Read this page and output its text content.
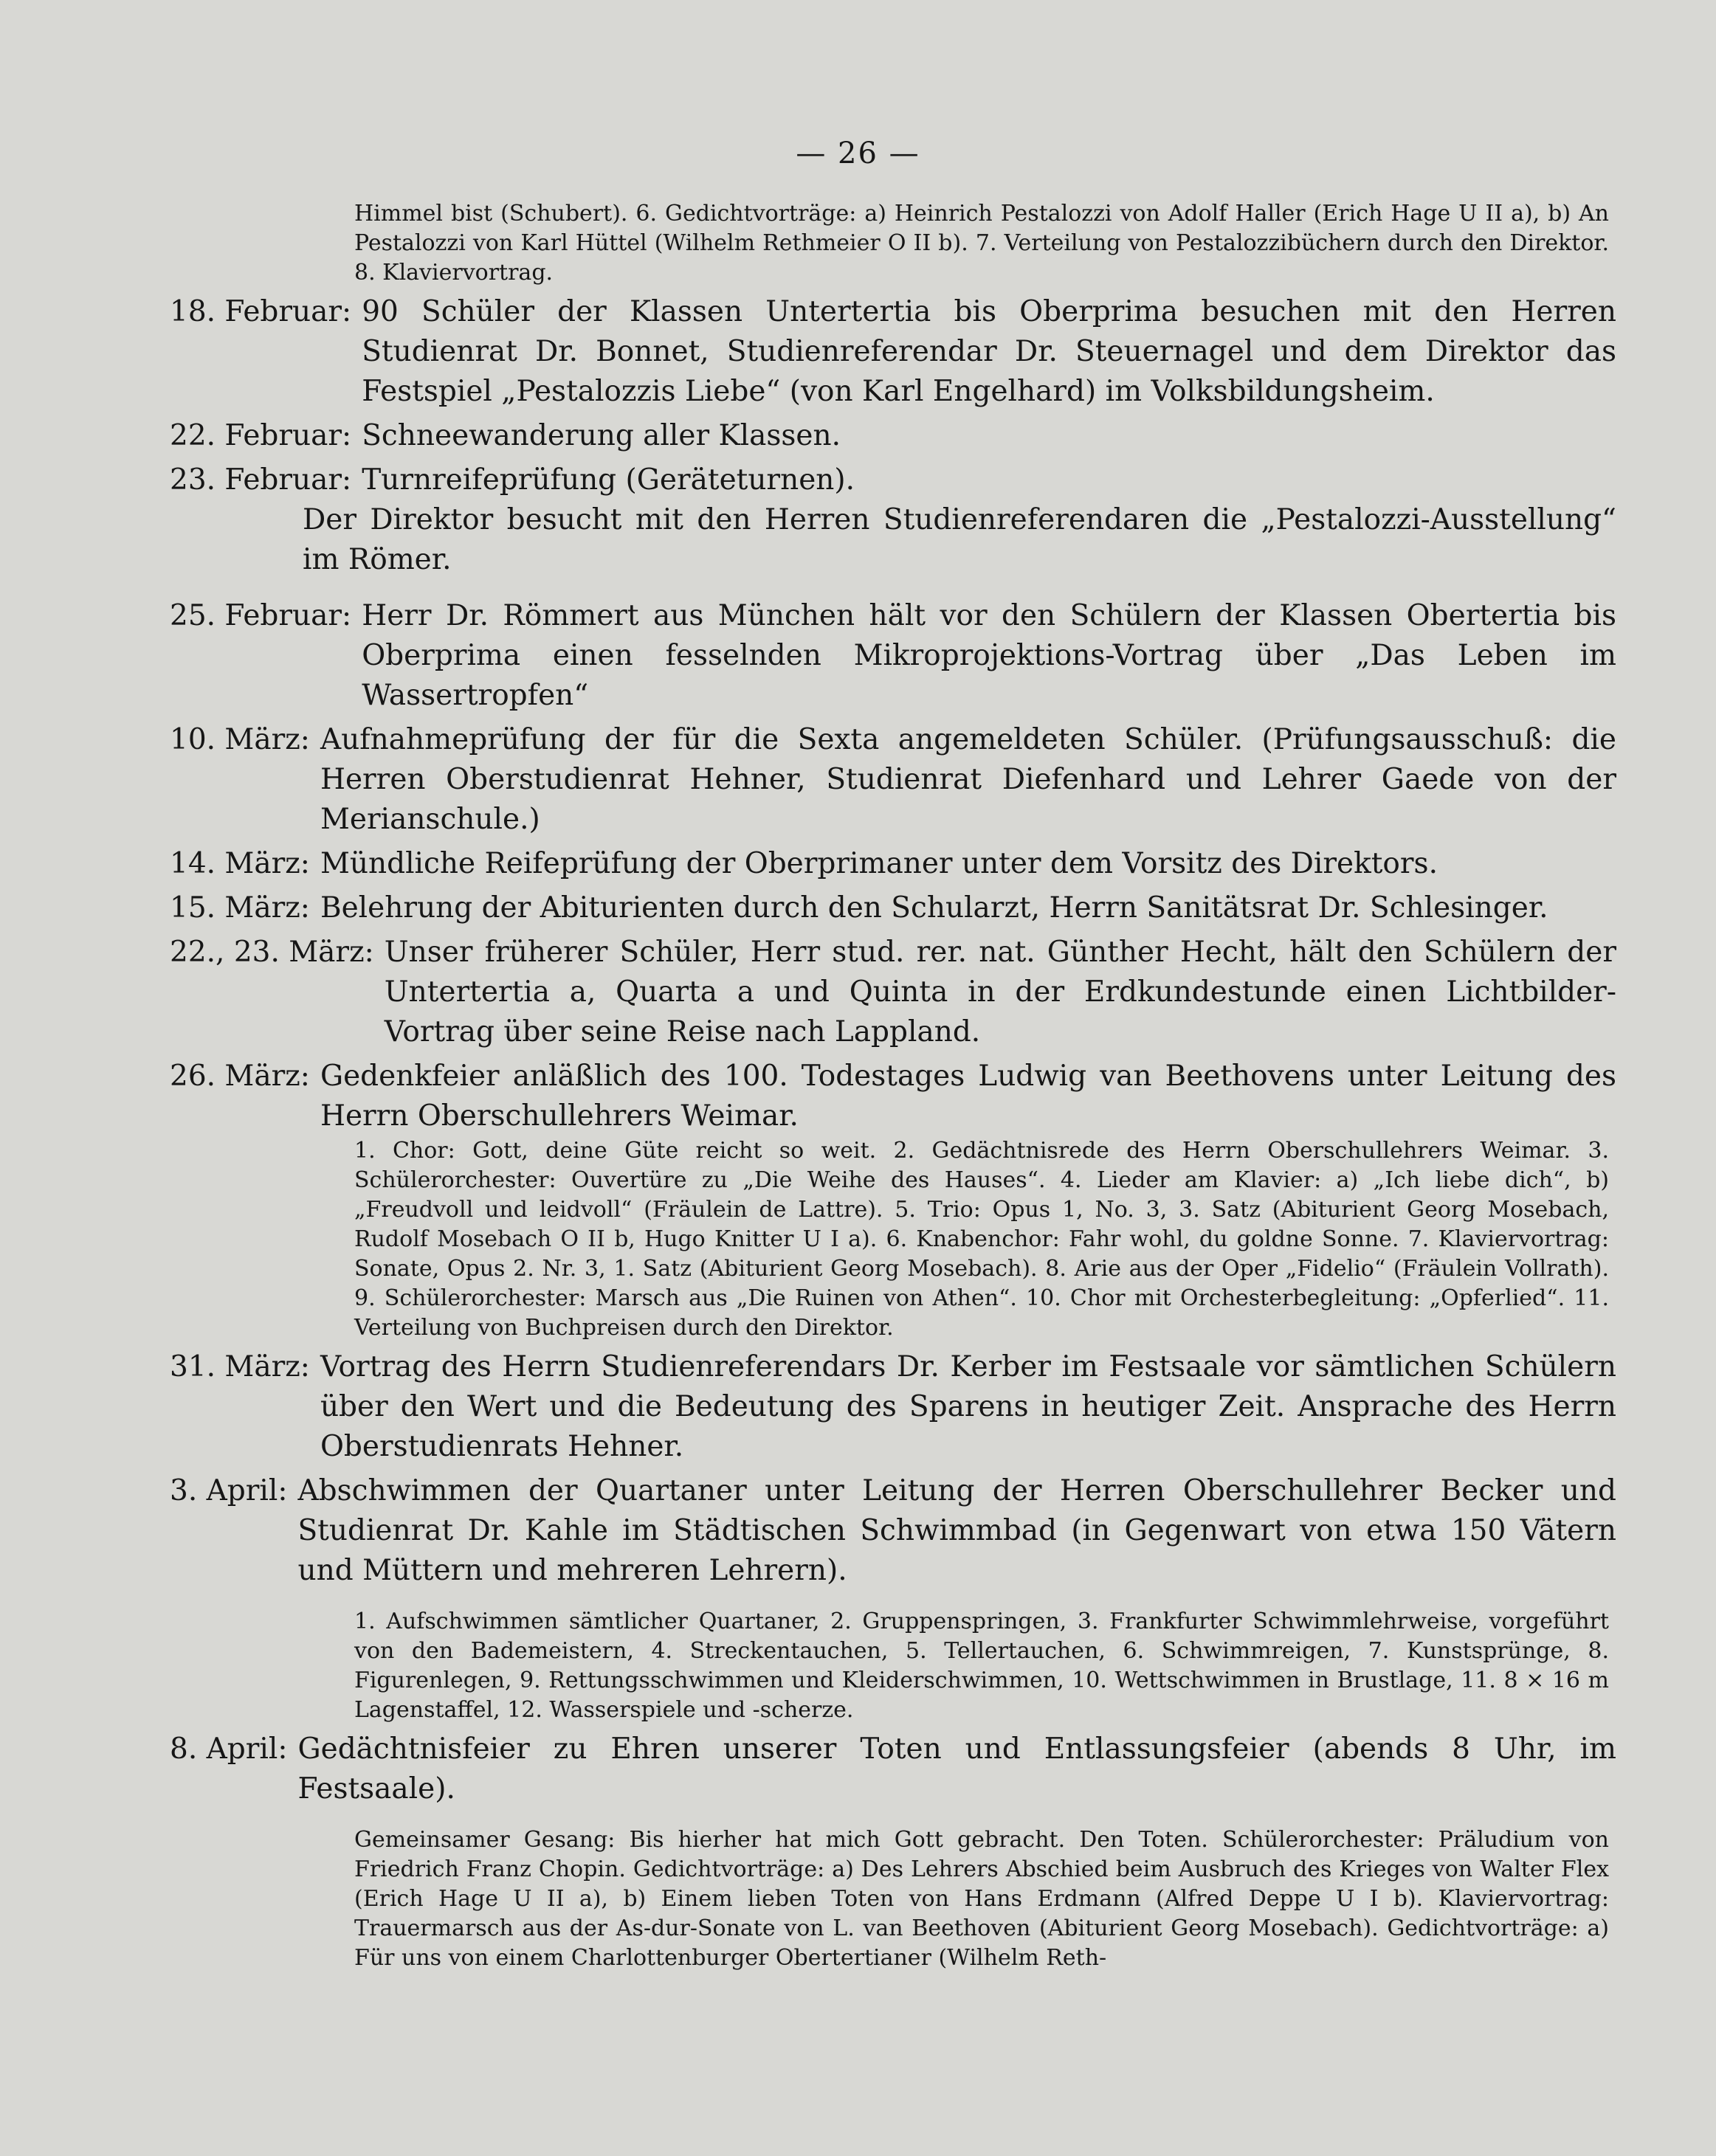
— 26 —

Himmel bist (Schubert). 6. Gedichtvorträge: a) Heinrich Pestalozzi von Adolf Haller (Erich Hage U II a), b) An Pestalozzi von Karl Hüttel (Wilhelm Rethmeier O II b). 7. Verteilung von Pestalozzibüchern durch den Direktor. 8. Klaviervortrag.

18. Februar: 90 Schüler der Klassen Untertertia bis Oberprima besuchen mit den Herren Studienrat Dr. Bonnet, Studienreferendar Dr. Steuernagel und dem Direktor das Festspiel „Pestalozzis Liebe“ (von Karl Engelhard) im Volksbildungsheim.
22. Februar: Schneewanderung aller Klassen.
23. Februar: Turnreifeprüfung (Geräteturnen).
Der Direktor besucht mit den Herren Studienreferendaren die „Pestalozzi-Ausstellung“ im Römer.
25. Februar: Herr Dr. Römmert aus München hält vor den Schülern der Klassen Obertertia bis Oberprima einen fesselnden Mikroprojektions-Vortrag über „Das Leben im Wassertropfen“
10. März: Aufnahmeprüfung der für die Sexta angemeldeten Schüler. (Prüfungsausschuß: die Herren Oberstudienrat Hehner, Studienrat Diefenhard und Lehrer Gaede von der Merianschule.)
14. März: Mündliche Reifeprüfung der Oberprimaner unter dem Vorsitz des Direktors.
15. März: Belehrung der Abiturienten durch den Schularzt, Herrn Sanitätsrat Dr. Schlesinger.
22., 23. März: Unser früherer Schüler, Herr stud. rer. nat. Günther Hecht, hält den Schülern der Untertertia a, Quarta a und Quinta in der Erdkundestunde einen Lichtbilder-Vortrag über seine Reise nach Lappland.
26. März: Gedenkfeier anläßlich des 100. Todestages Ludwig van Beethovens unter Leitung des Herrn Oberschullehrers Weimar.

1. Chor: Gott, deine Güte reicht so weit. 2. Gedächtnisrede des Herrn Oberschullehrers Weimar. 3. Schülerorchester: Ouvertüre zu „Die Weihe des Hauses“. 4. Lieder am Klavier: a) „Ich liebe dich“, b) „Freudvoll und leidvoll“ (Fräulein de Lattre). 5. Trio: Opus 1, No. 3, 3. Satz (Abiturient Georg Mosebach, Rudolf Mosebach O II b, Hugo Knitter U I a). 6. Knabenchor: Fahr wohl, du goldne Sonne. 7. Klaviervortrag: Sonate, Opus 2. Nr. 3, 1. Satz (Abiturient Georg Mosebach). 8. Arie aus der Oper „Fidelio“ (Fräulein Vollrath). 9. Schülerorchester: Marsch aus „Die Ruinen von Athen“. 10. Chor mit Orchesterbegleitung: „Opferlied“. 11. Verteilung von Buchpreisen durch den Direktor.

31. März: Vortrag des Herrn Studienreferendars Dr. Kerber im Festsaale vor sämtlichen Schülern über den Wert und die Bedeutung des Sparens in heutiger Zeit. Ansprache des Herrn Oberstudienrats Hehner.
3. April: Abschwimmen der Quartaner unter Leitung der Herren Oberschullehrer Becker und Studienrat Dr. Kahle im Städtischen Schwimmbad (in Gegenwart von etwa 150 Vätern und Müttern und mehreren Lehrern).

1. Aufschwimmen sämtlicher Quartaner, 2. Gruppenspringen, 3. Frankfurter Schwimmlehrweise, vorgeführt von den Bademeistern, 4. Streckentauchen, 5. Tellertauchen, 6. Schwimmreigen, 7. Kunstsprünge, 8. Figurenlegen, 9. Rettungsschwimmen und Kleiderschwimmen, 10. Wettschwimmen in Brustlage, 11. 8 × 16 m Lagenstaffel, 12. Wasserspiele und -scherze.

8. April: Gedächtnisfeier zu Ehren unserer Toten und Entlassungsfeier (abends 8 Uhr, im Festsaale).

Gemeinsamer Gesang: Bis hierher hat mich Gott gebracht. Den Toten. Schülerorchester: Präludium von Friedrich Franz Chopin. Gedichtvorträge: a) Des Lehrers Abschied beim Ausbruch des Krieges von Walter Flex (Erich Hage U II a), b) Einem lieben Toten von Hans Erdmann (Alfred Deppe U I b). Klaviervortrag: Trauermarsch aus der As-dur-Sonate von L. van Beethoven (Abiturient Georg Mosebach). Gedichtvorträge: a) Für uns von einem Charlottenburger Obertertianer (Wilhelm Reth-
